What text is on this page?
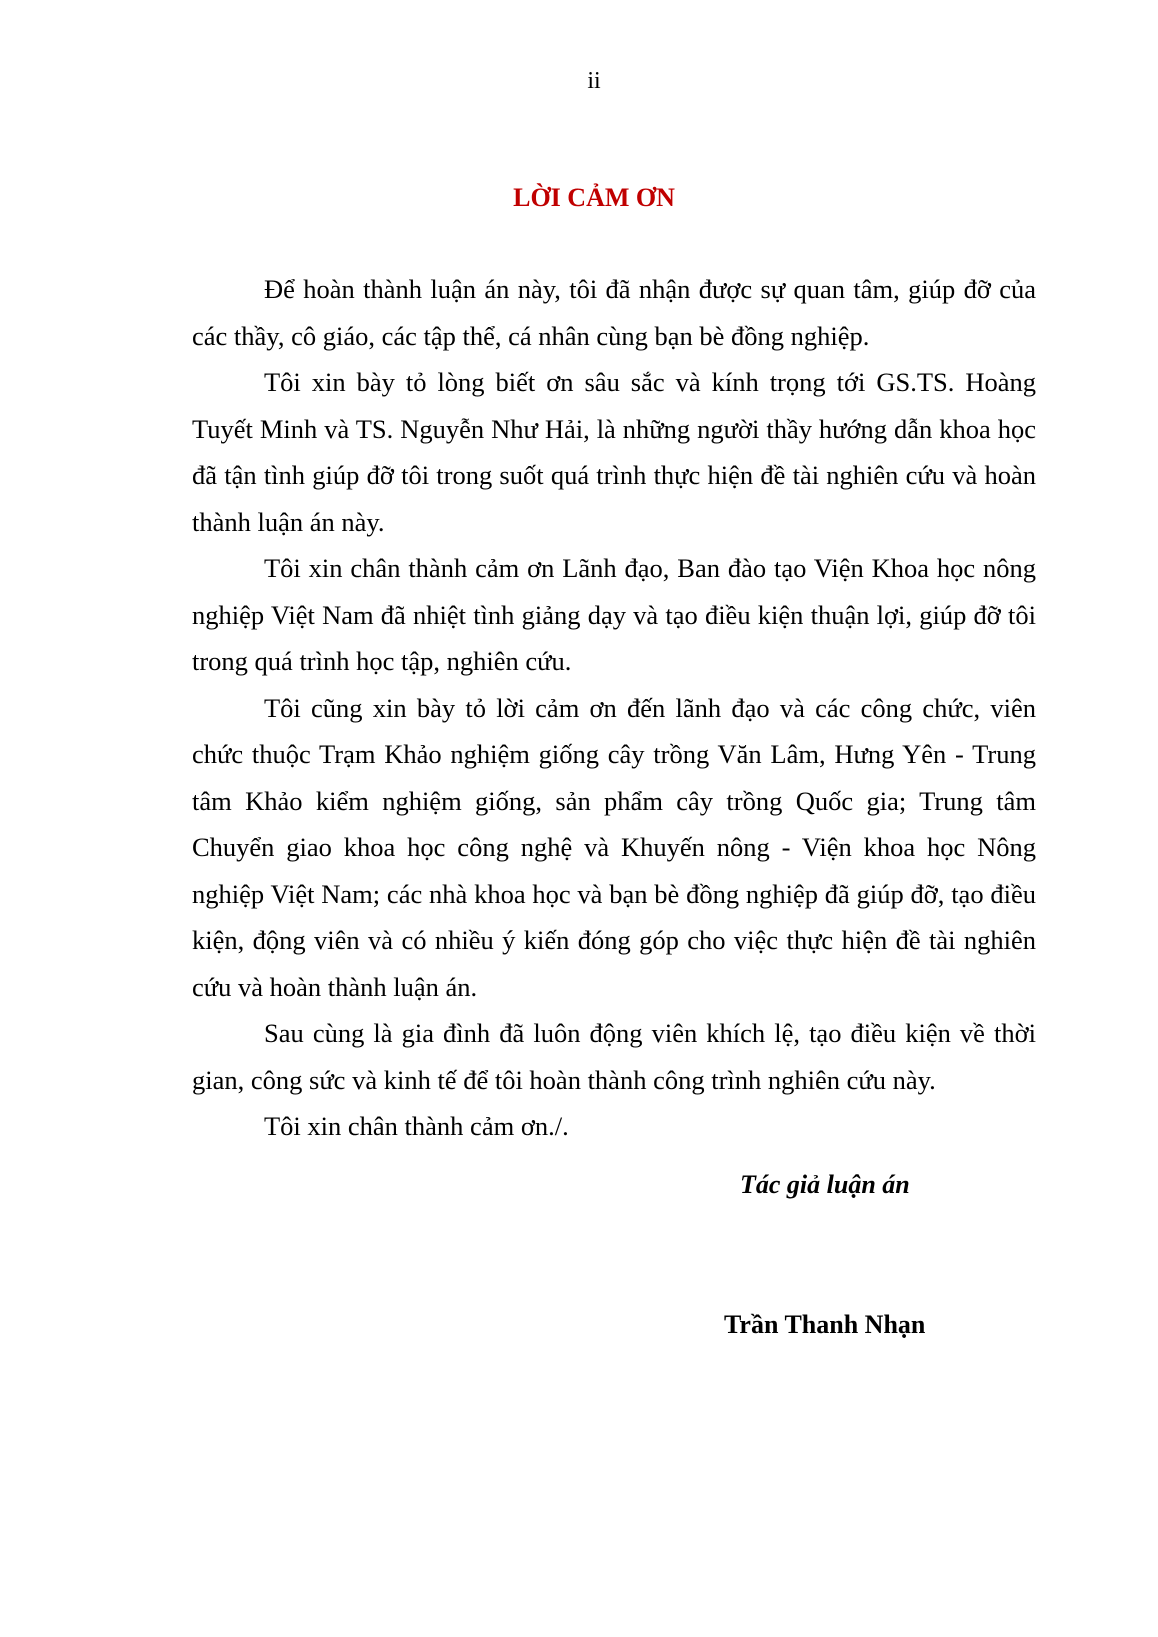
ii
LỜI CẢM ƠN

Để hoàn thành luận án này, tôi đã nhận được sự quan tâm, giúp đỡ của các thầy, cô giáo, các tập thể, cá nhân cùng bạn bè đồng nghiệp.

Tôi xin bày tỏ lòng biết ơn sâu sắc và kính trọng tới GS.TS. Hoàng Tuyết Minh và TS. Nguyễn Như Hải, là những người thầy hướng dẫn khoa học đã tận tình giúp đỡ tôi trong suốt quá trình thực hiện đề tài nghiên cứu và hoàn thành luận án này.

Tôi xin chân thành cảm ơn Lãnh đạo, Ban đào tạo Viện Khoa học nông nghiệp Việt Nam đã nhiệt tình giảng dạy và tạo điều kiện thuận lợi, giúp đỡ tôi trong quá trình học tập, nghiên cứu.

Tôi cũng xin bày tỏ lời cảm ơn đến lãnh đạo và các công chức, viên chức thuộc Trạm Khảo nghiệm giống cây trồng Văn Lâm, Hưng Yên - Trung tâm Khảo kiểm nghiệm giống, sản phẩm cây trồng Quốc gia; Trung tâm Chuyển giao khoa học công nghệ và Khuyến nông - Viện khoa học Nông nghiệp Việt Nam; các nhà khoa học và bạn bè đồng nghiệp đã giúp đỡ, tạo điều kiện, động viên và có nhiều ý kiến đóng góp cho việc thực hiện đề tài nghiên cứu và hoàn thành luận án.

Sau cùng là gia đình đã luôn động viên khích lệ, tạo điều kiện về thời gian, công sức và kinh tế để tôi hoàn thành công trình nghiên cứu này.

Tôi xin chân thành cảm ơn./.

Tác giả luận án
Trần Thanh Nhạn
